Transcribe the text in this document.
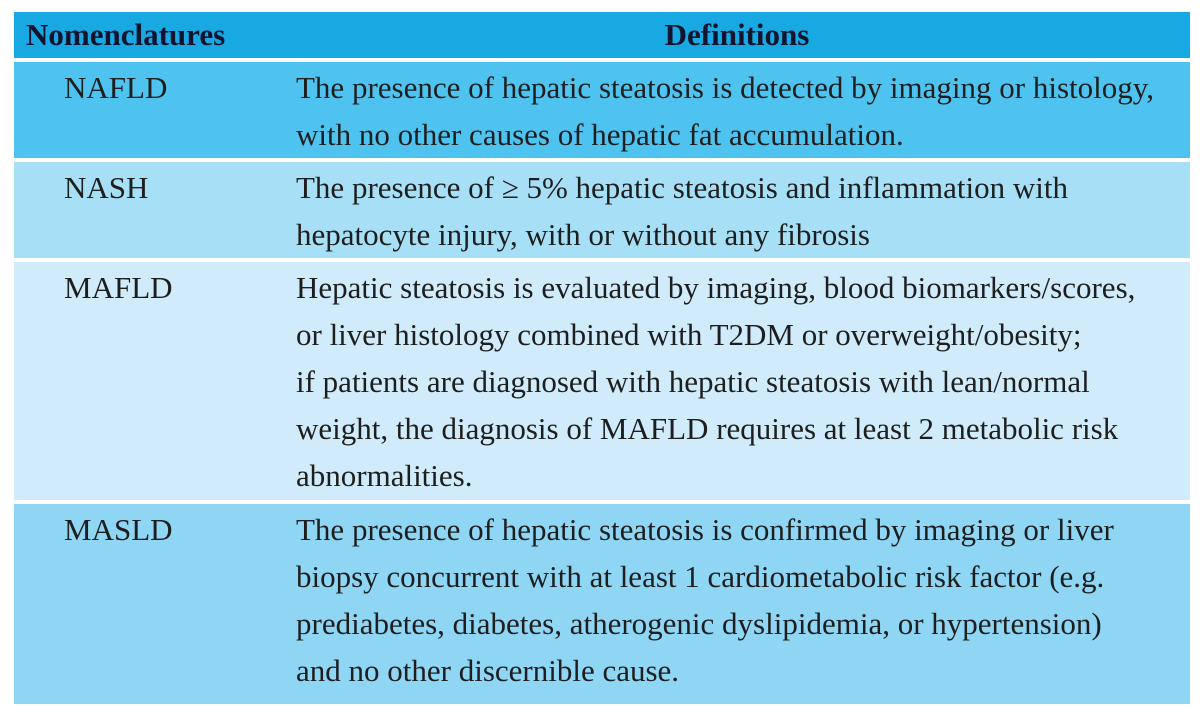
Nomenclatures	Definitions
NAFLD	The presence of hepatic steatosis is detected by imaging or histology,
with no other causes of hepatic fat accumulation.
NASH	The presence of ≥ 5% hepatic steatosis and inflammation with
hepatocyte injury, with or without any fibrosis
MAFLD	Hepatic steatosis is evaluated by imaging, blood biomarkers/scores,
or liver histology combined with T2DM or overweight/obesity;
if patients are diagnosed with hepatic steatosis with lean/normal
weight, the diagnosis of MAFLD requires at least 2 metabolic risk
abnormalities.
MASLD	The presence of hepatic steatosis is confirmed by imaging or liver
biopsy concurrent with at least 1 cardiometabolic risk factor (e.g.
prediabetes, diabetes, atherogenic dyslipidemia, or hypertension)
and no other discernible cause.
